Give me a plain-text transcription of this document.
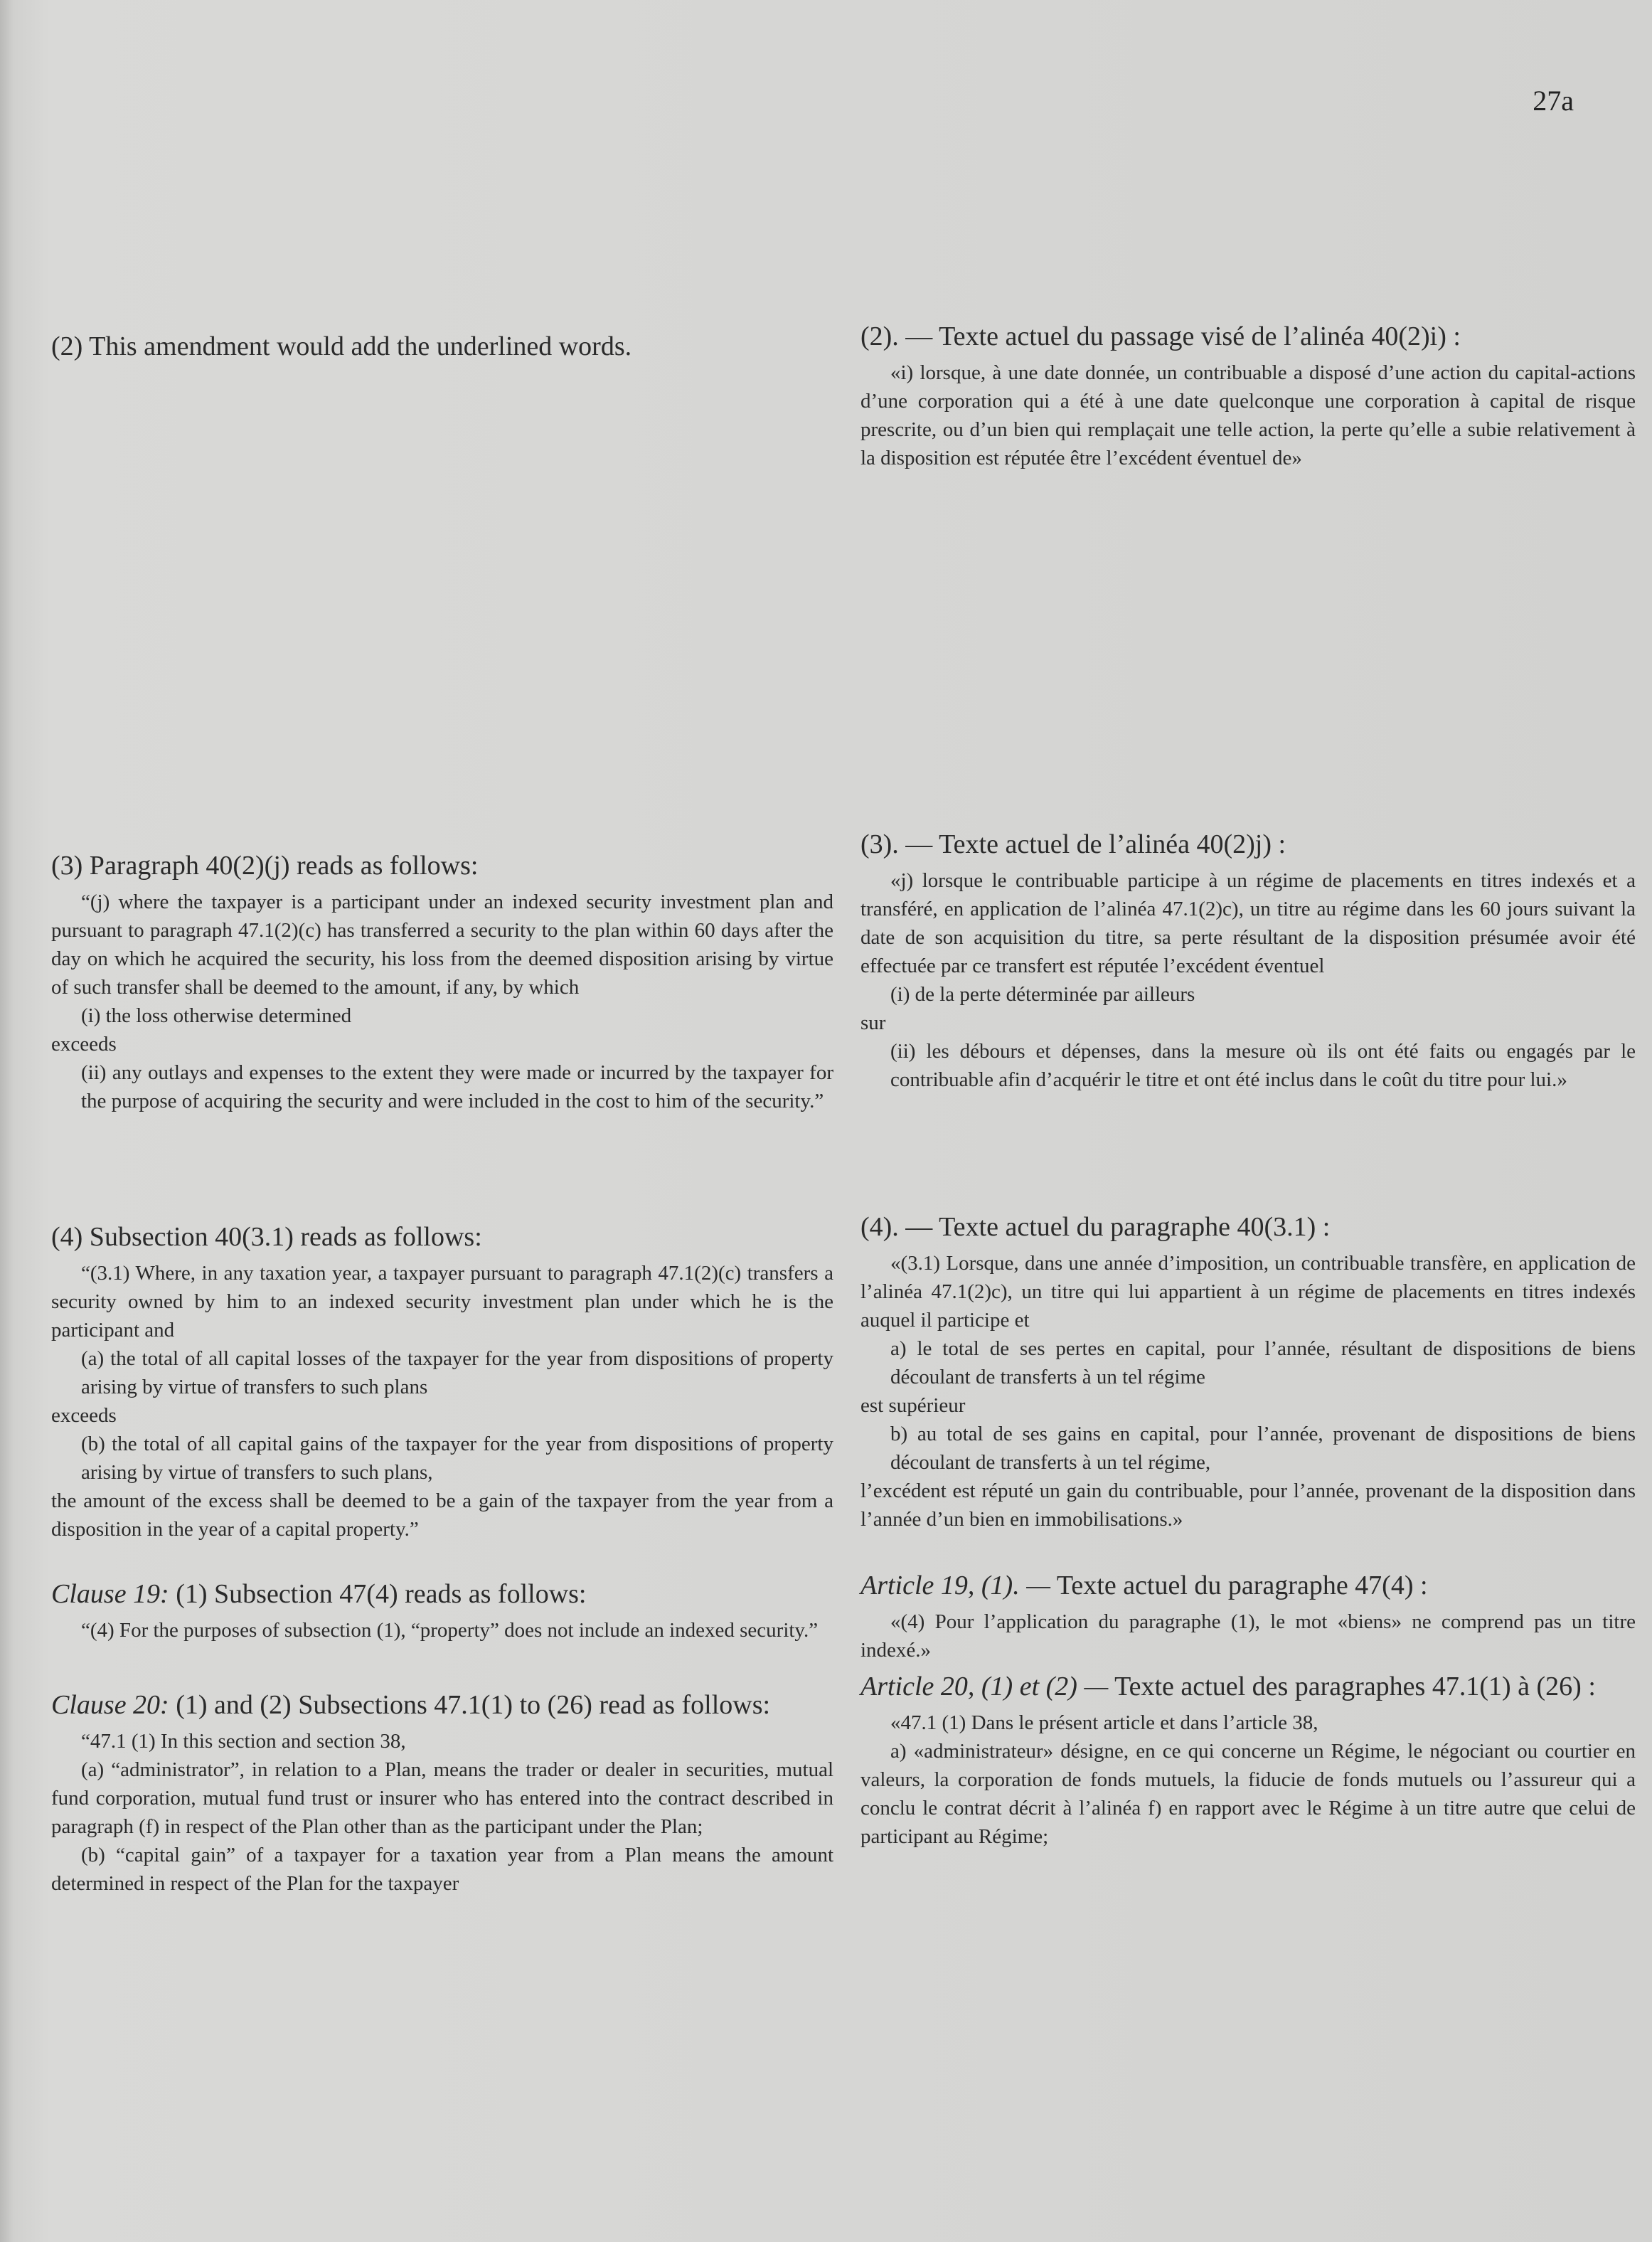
27a
(2) This amendment would add the underlined words.
(3) Paragraph 40(2)(j) reads as follows:

“(j) where the taxpayer is a participant under an indexed security investment plan and pursuant to paragraph 47.1(2)(c) has transferred a security to the plan within 60 days after the day on which he acquired the security, his loss from the deemed disposition arising by virtue of such transfer shall be deemed to the amount, if any, by which

(i) the loss otherwise determined

exceeds

(ii) any outlays and expenses to the extent they were made or incurred by the taxpayer for the purpose of acquiring the security and were included in the cost to him of the security.”

(4) Subsection 40(3.1) reads as follows:

“(3.1) Where, in any taxation year, a taxpayer pursuant to paragraph 47.1(2)(c) transfers a security owned by him to an indexed security investment plan under which he is the participant and

(a) the total of all capital losses of the taxpayer for the year from dispositions of property arising by virtue of transfers to such plans

exceeds

(b) the total of all capital gains of the taxpayer for the year from dispositions of property arising by virtue of transfers to such plans,

the amount of the excess shall be deemed to be a gain of the taxpayer from the year from a disposition in the year of a capital property.”

Clause 19: (1) Subsection 47(4) reads as follows:

“(4) For the purposes of subsection (1), “property” does not include an indexed security.”

Clause 20: (1) and (2) Subsections 47.1(1) to (26) read as follows:

“47.1 (1) In this section and section 38,

(a) “administrator”, in relation to a Plan, means the trader or dealer in securities, mutual fund corporation, mutual fund trust or insurer who has entered into the contract described in paragraph (f) in respect of the Plan other than as the participant under the Plan;

(b) “capital gain” of a taxpayer for a taxation year from a Plan means the amount determined in respect of the Plan for the taxpayer

(2). — Texte actuel du passage visé de l’alinéa 40(2)i) :

«i) lorsque, à une date donnée, un contribuable a disposé d’une action du capital-actions d’une corporation qui a été à une date quelconque une corporation à capital de risque prescrite, ou d’un bien qui remplaçait une telle action, la perte qu’elle a subie relativement à la disposition est réputée être l’excédent éventuel de»

(3). — Texte actuel de l’alinéa 40(2)j) :

«j) lorsque le contribuable participe à un régime de placements en titres indexés et a transféré, en application de l’alinéa 47.1(2)c), un titre au régime dans les 60 jours suivant la date de son acquisition du titre, sa perte résultant de la disposition présumée avoir été effectuée par ce transfert est réputée l’excédent éventuel

(i) de la perte déterminée par ailleurs

sur

(ii) les débours et dépenses, dans la mesure où ils ont été faits ou engagés par le contribuable afin d’acquérir le titre et ont été inclus dans le coût du titre pour lui.»

(4). — Texte actuel du paragraphe 40(3.1) :

«(3.1) Lorsque, dans une année d’imposition, un contribuable transfère, en application de l’alinéa 47.1(2)c), un titre qui lui appartient à un régime de placements en titres indexés auquel il participe et

a) le total de ses pertes en capital, pour l’année, résultant de dispositions de biens découlant de transferts à un tel régime

est supérieur

b) au total de ses gains en capital, pour l’année, provenant de dispositions de biens découlant de transferts à un tel régime,

l’excédent est réputé un gain du contribuable, pour l’année, provenant de la disposition dans l’année d’un bien en immobilisations.»

Article 19, (1). — Texte actuel du paragraphe 47(4) :

«(4) Pour l’application du paragraphe (1), le mot «biens» ne comprend pas un titre indexé.»

Article 20, (1) et (2) — Texte actuel des paragraphes 47.1(1) à (26) :

«47.1 (1) Dans le présent article et dans l’article 38,

a) «administrateur» désigne, en ce qui concerne un Régime, le négociant ou courtier en valeurs, la corporation de fonds mutuels, la fiducie de fonds mutuels ou l’assureur qui a conclu le contrat décrit à l’alinéa f) en rapport avec le Régime à un titre autre que celui de participant au Régime;
